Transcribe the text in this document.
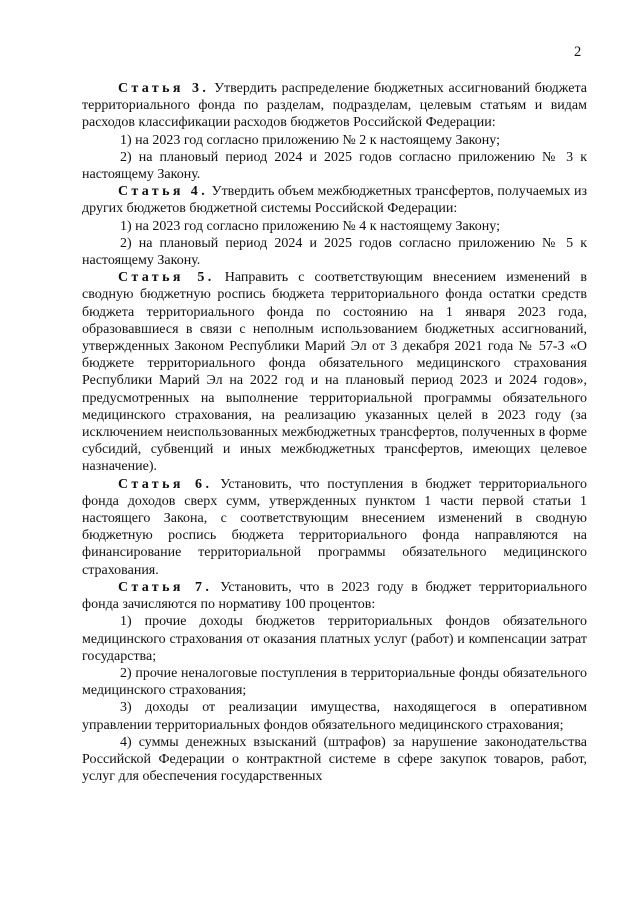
2

Статья 3. Утвердить распределение бюджетных ассигнований бюджета территориального фонда по разделам, подразделам, целевым статьям и видам расходов классификации расходов бюджетов Российской Федерации:

1) на 2023 год согласно приложению № 2 к настоящему Закону;

2) на плановый период 2024 и 2025 годов согласно приложению № 3 к настоящему Закону.

Статья 4. Утвердить объем межбюджетных трансфертов, получаемых из других бюджетов бюджетной системы Российской Федерации:

1) на 2023 год согласно приложению № 4 к настоящему Закону;

2) на плановый период 2024 и 2025 годов согласно приложению № 5 к настоящему Закону.

Статья 5. Направить с соответствующим внесением изменений в сводную бюджетную роспись бюджета территориального фонда остатки средств бюджета территориального фонда по состоянию на 1 января 2023 года, образовавшиеся в связи с неполным использованием бюджетных ассигнований, утвержденных Законом Республики Марий Эл от 3 декабря 2021 года № 57-З «О бюджете территориального фонда обязательного медицинского страхования Республики Марий Эл на 2022 год и на плановый период 2023 и 2024 годов», предусмотренных на выполнение территориальной программы обязательного медицинского страхования, на реализацию указанных целей в 2023 году (за исключением неиспользованных межбюджетных трансфертов, полученных в форме субсидий, субвенций и иных межбюджетных трансфертов, имеющих целевое назначение).

Статья 6. Установить, что поступления в бюджет территориального фонда доходов сверх сумм, утвержденных пунктом 1 части первой статьи 1 настоящего Закона, с соответствующим внесением изменений в сводную бюджетную роспись бюджета территориального фонда направляются на финансирование территориальной программы обязательного медицинского страхования.

Статья 7. Установить, что в 2023 году в бюджет территориального фонда зачисляются по нормативу 100 процентов:

1) прочие доходы бюджетов территориальных фондов обязательного медицинского страхования от оказания платных услуг (работ) и компенсации затрат государства;

2) прочие неналоговые поступления в территориальные фонды обязательного медицинского страхования;

3) доходы от реализации имущества, находящегося в оперативном управлении территориальных фондов обязательного медицинского страхования;

4) суммы денежных взысканий (штрафов) за нарушение законодательства Российской Федерации о контрактной системе в сфере закупок товаров, работ, услуг для обеспечения государственных
